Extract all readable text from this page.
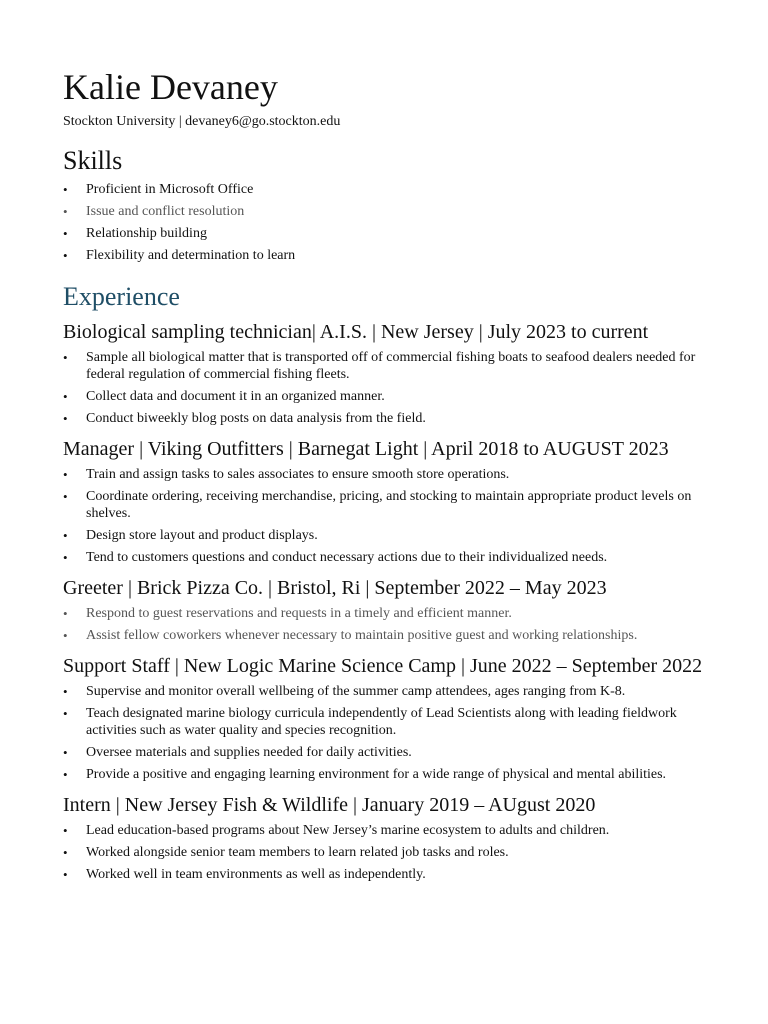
Kalie Devaney

Stockton University | devaney6@go.stockton.edu

Skills
• Proficient in Microsoft Office
• Issue and conflict resolution
• Relationship building
• Flexibility and determination to learn
Experience
Biological sampling technician| A.I.S. | New Jersey | July 2023 to current
• Sample all biological matter that is transported off of commercial fishing boats to seafood dealers needed for federal regulation of commercial fishing fleets.
• Collect data and document it in an organized manner.
• Conduct biweekly blog posts on data analysis from the field.
Manager | Viking Outfitters | Barnegat Light | April 2018 to AUGUST 2023
• Train and assign tasks to sales associates to ensure smooth store operations.
• Coordinate ordering, receiving merchandise, pricing, and stocking to maintain appropriate product levels on shelves.
• Design store layout and product displays.
• Tend to customers questions and conduct necessary actions due to their individualized needs.
Greeter | Brick Pizza Co. | Bristol, Ri | September 2022 – May 2023
• Respond to guest reservations and requests in a timely and efficient manner.
• Assist fellow coworkers whenever necessary to maintain positive guest and working relationships.
Support Staff | New Logic Marine Science Camp | June 2022 – September 2022
• Supervise and monitor overall wellbeing of the summer camp attendees, ages ranging from K-8.
• Teach designated marine biology curricula independently of Lead Scientists along with leading fieldwork activities such as water quality and species recognition.
• Oversee materials and supplies needed for daily activities.
• Provide a positive and engaging learning environment for a wide range of physical and mental abilities.
Intern | New Jersey Fish & Wildlife | January 2019 – AUgust 2020
• Lead education-based programs about New Jersey’s marine ecosystem to adults and children.
• Worked alongside senior team members to learn related job tasks and roles.
• Worked well in team environments as well as independently.
